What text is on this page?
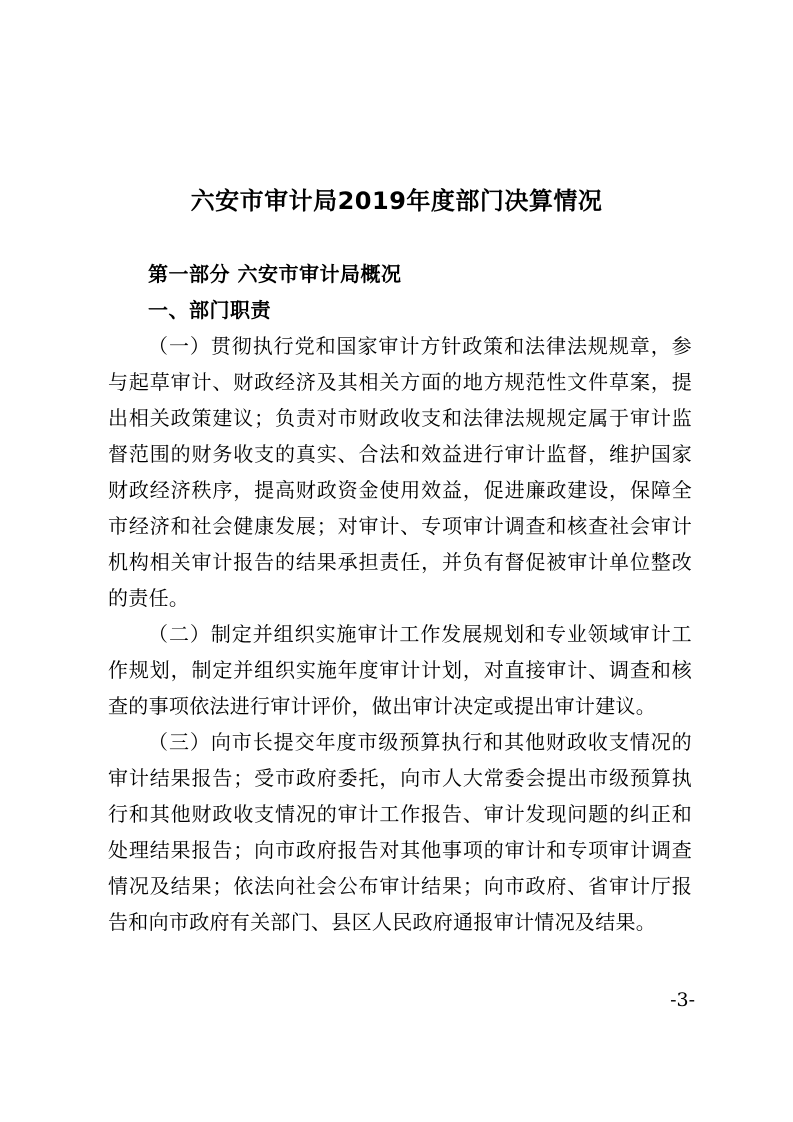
六安市审计局2019年度部门决算情况

第一部分 六安市审计局概况

一、部门职责

（一）贯彻执行党和国家审计方针政策和法律法规规章，参与起草审计、财政经济及其相关方面的地方规范性文件草案，提出相关政策建议；负责对市财政收支和法律法规规定属于审计监督范围的财务收支的真实、合法和效益进行审计监督，维护国家财政经济秩序，提高财政资金使用效益，促进廉政建设，保障全市经济和社会健康发展；对审计、专项审计调查和核查社会审计机构相关审计报告的结果承担责任，并负有督促被审计单位整改的责任。

（二）制定并组织实施审计工作发展规划和专业领域审计工作规划，制定并组织实施年度审计计划，对直接审计、调查和核查的事项依法进行审计评价，做出审计决定或提出审计建议。

（三）向市长提交年度市级预算执行和其他财政收支情况的审计结果报告；受市政府委托，向市人大常委会提出市级预算执行和其他财政收支情况的审计工作报告、审计发现问题的纠正和处理结果报告；向市政府报告对其他事项的审计和专项审计调查情况及结果；依法向社会公布审计结果；向市政府、省审计厅报告和向市政府有关部门、县区人民政府通报审计情况及结果。

-3-
